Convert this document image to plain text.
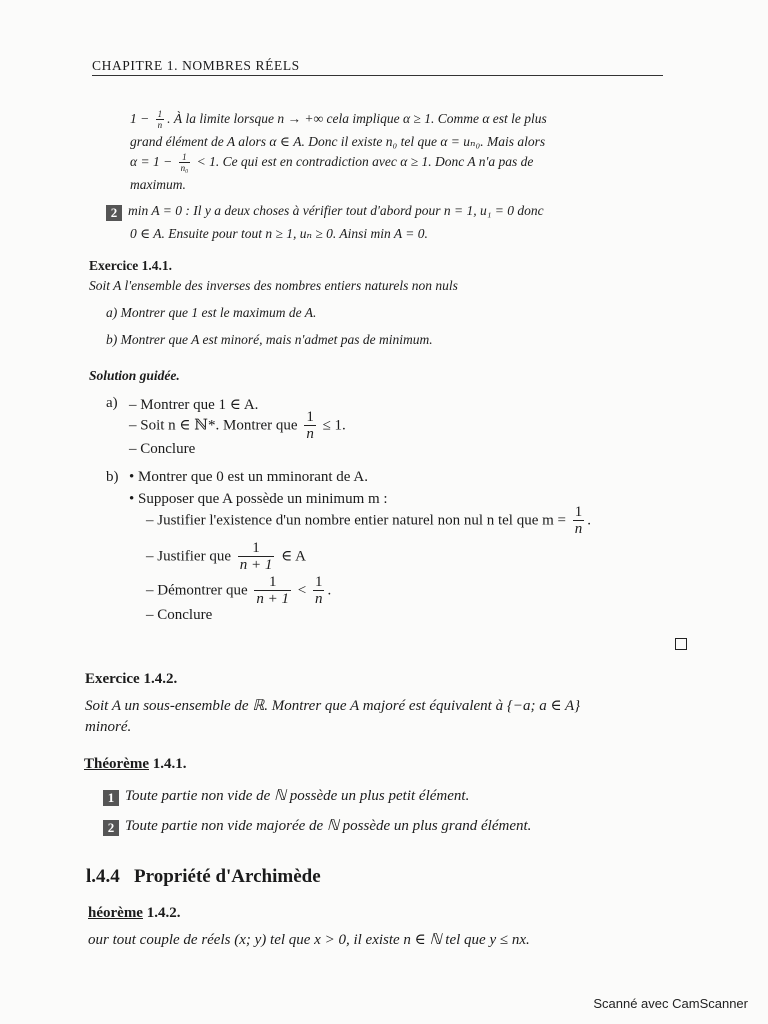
CHAPITRE 1. NOMBRES RÉELS
$1 - \frac{1}{n}$ . À la limite lorsque n → +∞ cela implique α ≥ 1. Comme α est le plus
grand élément de A alors α ∈ A. Donc il existe n₀ tel que α = uₙ₀. Mais alors
$\alpha = 1 - \frac{1}{\text{n₀}} < 1$. Ce qui est en contradiction avec α ≥ 1. Donc A n'a pas de
maximum.
2 min A = 0 : Il y a deux choses à vérifier tout d'abord pour n = 1, u₁ = 0 donc
0 ∈ A. Ensuite pour tout n ≥ 1, uₙ ≥ 0. Ainsi min A = 0.
Exercice 1.4.1.
Soit A l'ensemble des inverses des nombres entiers naturels non nuls
a) Montrer que 1 est le maximum de A.
b) Montrer que A est minoré, mais n'admet pas de minimum.
Solution guidée.
a) – Montrer que 1 ∈ A.
– Soit n ∈ ℕ*. Montrer que $\frac{1}{n} \le 1$.
– Conclure
b) • Montrer que 0 est un mminorant de A.
• Supposer que A possède un minimum m :
– Justifier l'existence d'un nombre entier naturel non nul n tel que $m = \frac{1}{n}$ .
– Justifier que $\frac{1}{n + 1}$ ∈ A
– Démontrer que $\frac{1}{n + 1} < \frac{1}{n}$ .
– Conclure
Exercice 1.4.2.
Soit A un sous-ensemble de ℝ. Montrer que A majoré est équivalent à {−a; a ∈ A}
minoré.
Théorème 1.4.1.
1 Toute partie non vide de ℕ possède un plus petit élément.
2 Toute partie non vide majorée de ℕ possède un plus grand élément.
l.4.4 Propriété d'Archimède
héorème 1.4.2.
our tout couple de réels (x; y) tel que x > 0, il existe n ∈ ℕ tel que y ≤ nx.
Scanné avec CamScanner
